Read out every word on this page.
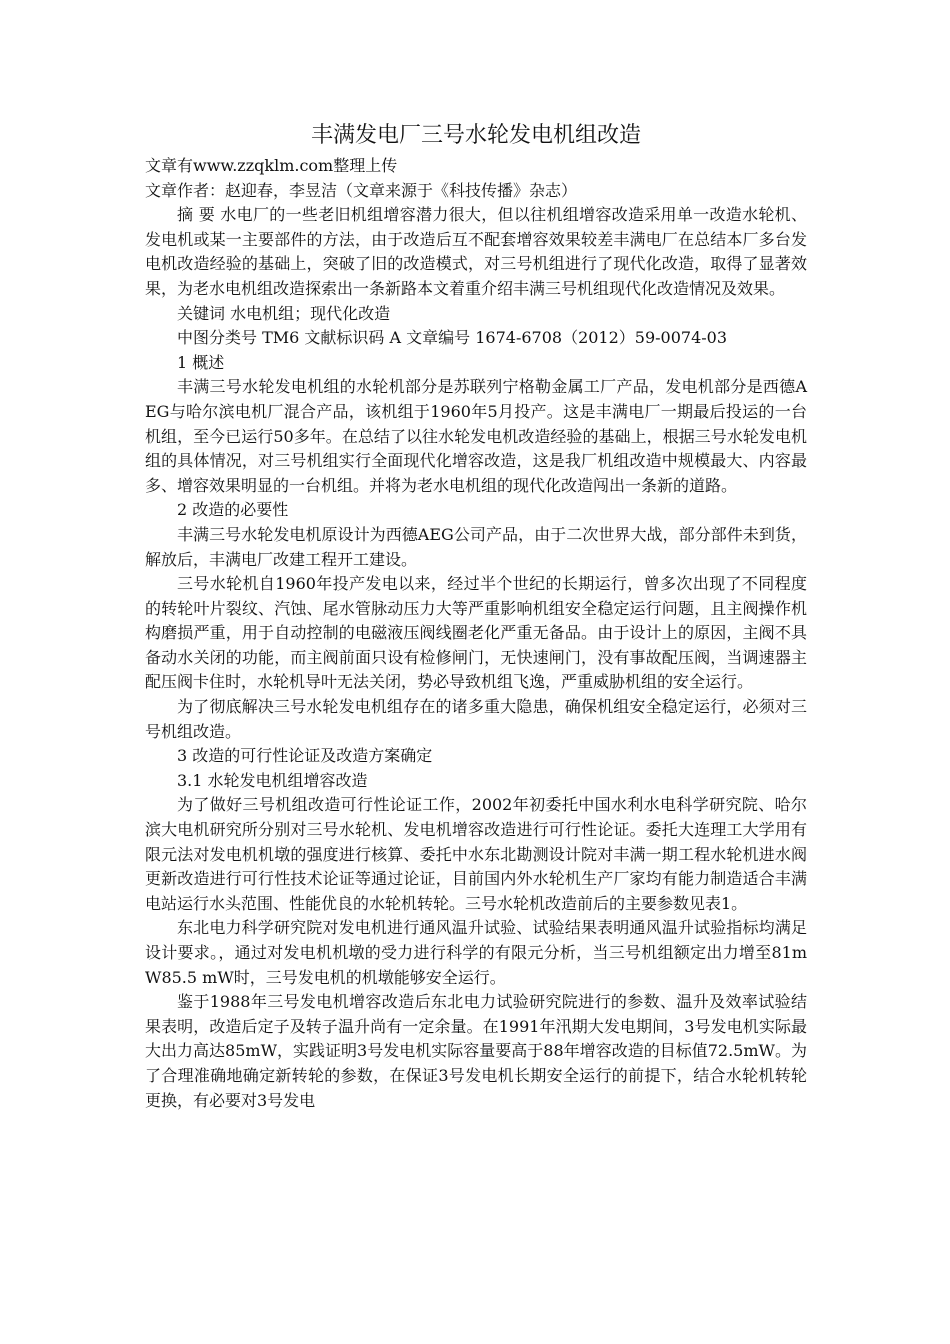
丰满发电厂三号水轮发电机组改造

文章有www.zzqklm.com整理上传

文章作者：赵迎春，李昱洁（文章来源于《科技传播》杂志）

摘 要 水电厂的一些老旧机组增容潜力很大，但以往机组增容改造采用单一改造水轮机、发电机或某一主要部件的方法，由于改造后互不配套增容效果较差丰满电厂在总结本厂多台发电机改造经验的基础上，突破了旧的改造模式，对三号机组进行了现代化改造，取得了显著效果，为老水电机组改造探索出一条新路本文着重介绍丰满三号机组现代化改造情况及效果。

关键词 水电机组；现代化改造

中图分类号 TM6 文献标识码 A 文章编号 1674-6708（2012）59-0074-03

1 概述

丰满三号水轮发电机组的水轮机部分是苏联列宁格勒金属工厂产品，发电机部分是西德AEG与哈尔滨电机厂混合产品，该机组于1960年5月投产。这是丰满电厂一期最后投运的一台机组，至今已运行50多年。在总结了以往水轮发电机改造经验的基础上，根据三号水轮发电机组的具体情况，对三号机组实行全面现代化增容改造，这是我厂机组改造中规模最大、内容最多、增容效果明显的一台机组。并将为老水电机组的现代化改造闯出一条新的道路。

2 改造的必要性

丰满三号水轮发电机原设计为西德AEG公司产品，由于二次世界大战，部分部件未到货，解放后，丰满电厂改建工程开工建设。

三号水轮机自1960年投产发电以来，经过半个世纪的长期运行，曾多次出现了不同程度的转轮叶片裂纹、汽蚀、尾水管脉动压力大等严重影响机组安全稳定运行问题，且主阀操作机构磨损严重，用于自动控制的电磁液压阀线圈老化严重无备品。由于设计上的原因，主阀不具备动水关闭的功能，而主阀前面只设有检修闸门，无快速闸门，没有事故配压阀，当调速器主配压阀卡住时，水轮机导叶无法关闭，势必导致机组飞逸，严重威胁机组的安全运行。

为了彻底解决三号水轮发电机组存在的诸多重大隐患，确保机组安全稳定运行，必须对三号机组改造。

3 改造的可行性论证及改造方案确定

3.1 水轮发电机组增容改造

为了做好三号机组改造可行性论证工作，2002年初委托中国水利水电科学研究院、哈尔滨大电机研究所分别对三号水轮机、发电机增容改造进行可行性论证。委托大连理工大学用有限元法对发电机机墩的强度进行核算、委托中水东北勘测设计院对丰满一期工程水轮机进水阀更新改造进行可行性技术论证等通过论证，目前国内外水轮机生产厂家均有能力制造适合丰满电站运行水头范围、性能优良的水轮机转轮。三号水轮机改造前后的主要参数见表1。

东北电力科学研究院对发电机进行通风温升试验、试验结果表明通风温升试验指标均满足设计要求。，通过对发电机机墩的受力进行科学的有限元分析，当三号机组额定出力增至81mW85.5 mW时，三号发电机的机墩能够安全运行。

鉴于1988年三号发电机增容改造后东北电力试验研究院进行的参数、温升及效率试验结果表明，改造后定子及转子温升尚有一定余量。在1991年汛期大发电期间，3号发电机实际最大出力高达85mW，实践证明3号发电机实际容量要高于88年增容改造的目标值72.5mW。为了合理准确地确定新转轮的参数，在保证3号发电机长期安全运行的前提下，结合水轮机转轮更换，有必要对3号发电
